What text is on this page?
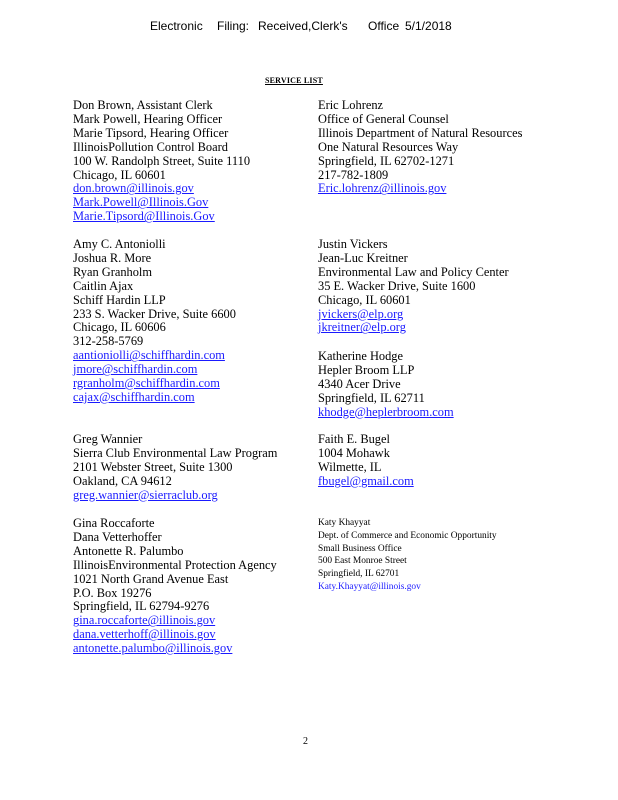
Electronic Filing: Received,Clerk's Office 5/1/2018
SERVICE LIST
Don Brown, Assistant Clerk
Mark Powell, Hearing Officer
Marie Tipsord, Hearing Officer
IllinoisPollution Control Board
100 W. Randolph Street, Suite 1110
Chicago, IL 60601
don.brown@illinois.gov
Mark.Powell@Illinois.Gov
Marie.Tipsord@Illinois.Gov
Amy C. Antoniolli
Joshua R. More
Ryan Granholm
Caitlin Ajax
Schiff Hardin LLP
233 S. Wacker Drive, Suite 6600
Chicago, IL 60606
312-258-5769
aantioniolli@schiffhardin.com
jmore@schiffhardin.com
rgranholm@schiffhardin.com
cajax@schiffhardin.com
Greg Wannier
Sierra Club Environmental Law Program
2101 Webster Street, Suite 1300
Oakland, CA 94612
greg.wannier@sierraclub.org
Gina Roccaforte
Dana Vetterhoffer
Antonette R. Palumbo
IllinoisEnvironmental Protection Agency
1021 North Grand Avenue East
P.O. Box 19276
Springfield, IL 62794-9276
gina.roccaforte@illinois.gov
dana.vetterhoff@illinois.gov
antonette.palumbo@illinois.gov
Eric Lohrenz
Office of General Counsel
Illinois Department of Natural Resources
One Natural Resources Way
Springfield, IL 62702-1271
217-782-1809
Eric.lohrenz@illinois.gov
Justin Vickers
Jean-Luc Kreitner
Environmental Law and Policy Center
35 E. Wacker Drive, Suite 1600
Chicago, IL 60601
jvickers@elp.org
jkreitner@elp.org
Katherine Hodge
Hepler Broom LLP
4340 Acer Drive
Springfield, IL 62711
khodge@heplerbroom.com
Faith E. Bugel
1004 Mohawk
Wilmette, IL
fbugel@gmail.com
Katy Khayyat
Dept. of Commerce and Economic Opportunity
Small Business Office
500 East Monroe Street
Springfield, IL 62701
Katy.Khayyat@illinois.gov
2
